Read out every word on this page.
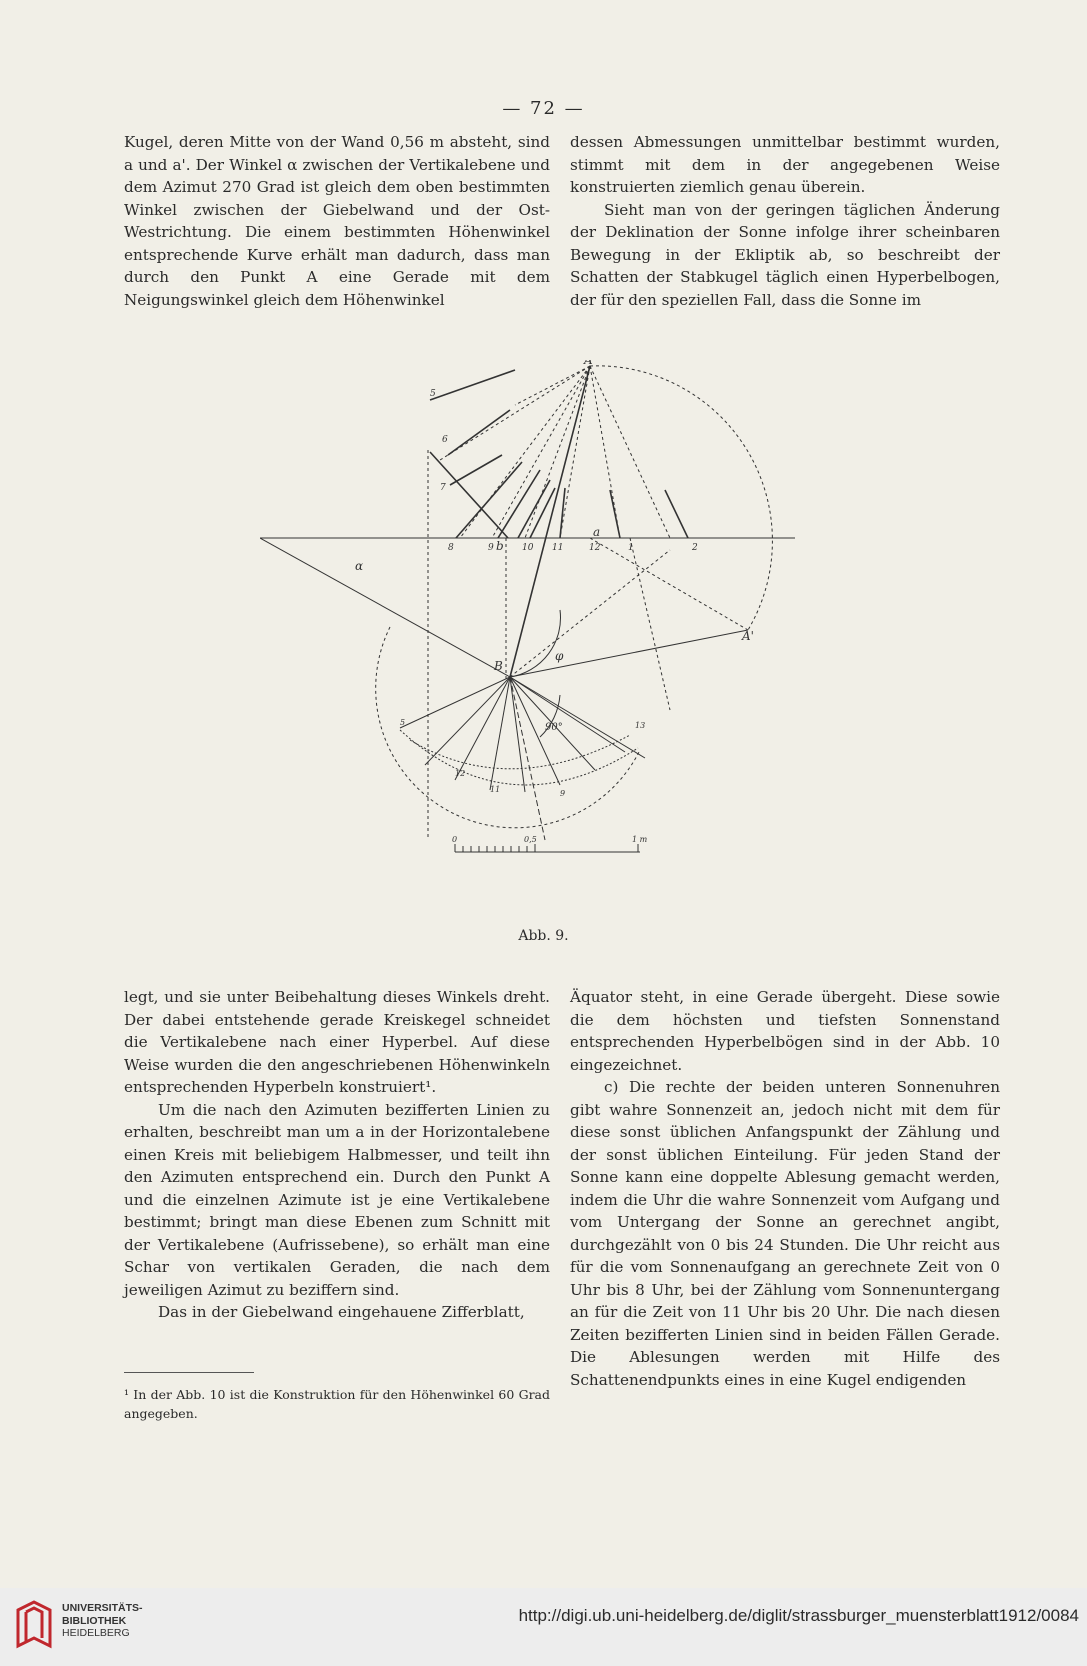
— 72 —

Kugel, deren Mitte von der Wand 0,56 m absteht, sind a und a'. Der Winkel α zwischen der Vertikalebene und dem Azimut 270 Grad ist gleich dem oben bestimmten Winkel zwischen der Giebelwand und der Ost-Westrichtung. Die einem bestimmten Höhenwinkel entsprechende Kurve erhält man dadurch, dass man durch den Punkt A eine Gerade mit dem Neigungswinkel gleich dem Höhenwinkel

dessen Abmessungen unmittelbar bestimmt wurden, stimmt mit dem in der angegebenen Weise konstruierten ziemlich genau überein.

Sieht man von der geringen täglichen Änderung der Deklination der Sonne infolge ihrer scheinbaren Bewegung in der Ekliptik ab, so beschreibt der Schatten der Stabkugel täglich einen Hyperbelbogen, der für den speziellen Fall, dass die Sonne im

A
a
A'
B
b
α
φ
90°
5
6
7
8	9	10 11	12	1	2
5
12
11	9
13
0	0,5	1 m
Abb. 9.

legt, und sie unter Beibehaltung dieses Winkels dreht. Der dabei entstehende gerade Kreiskegel schneidet die Vertikalebene nach einer Hyperbel. Auf diese Weise wurden die den angeschriebenen Höhenwinkeln entsprechenden Hyperbeln konstruiert¹.

Um die nach den Azimuten bezifferten Linien zu erhalten, beschreibt man um a in der Horizontalebene einen Kreis mit beliebigem Halbmesser, und teilt ihn den Azimuten entsprechend ein. Durch den Punkt A und die einzelnen Azimute ist je eine Vertikalebene bestimmt; bringt man diese Ebenen zum Schnitt mit der Vertikalebene (Aufrissebene), so erhält man eine Schar von vertikalen Geraden, die nach dem jeweiligen Azimut zu beziffern sind.

Das in der Giebelwand eingehauene Zifferblatt,

Äquator steht, in eine Gerade übergeht. Diese sowie die dem höchsten und tiefsten Sonnenstand entsprechenden Hyperbelbögen sind in der Abb. 10 eingezeichnet.

c) Die rechte der beiden unteren Sonnenuhren gibt wahre Sonnenzeit an, jedoch nicht mit dem für diese sonst üblichen Anfangspunkt der Zählung und der sonst üblichen Einteilung. Für jeden Stand der Sonne kann eine doppelte Ablesung gemacht werden, indem die Uhr die wahre Sonnenzeit vom Aufgang und vom Untergang der Sonne an gerechnet angibt, durchgezählt von 0 bis 24 Stunden. Die Uhr reicht aus für die vom Sonnenaufgang an gerechnete Zeit von 0 Uhr bis 8 Uhr, bei der Zählung vom Sonnenuntergang an für die Zeit von 11 Uhr bis 20 Uhr. Die nach diesen Zeiten bezifferten Linien sind in beiden Fällen Gerade. Die Ablesungen werden mit Hilfe des Schattenendpunkts eines in eine Kugel endigenden

¹ In der Abb. 10 ist die Konstruktion für den Höhenwinkel 60 Grad angegeben.
UNIVERSITÄTS-
BIBLIOTHEK
HEIDELBERG
http://digi.ub.uni-heidelberg.de/diglit/strassburger_muensterblatt1912/0084
